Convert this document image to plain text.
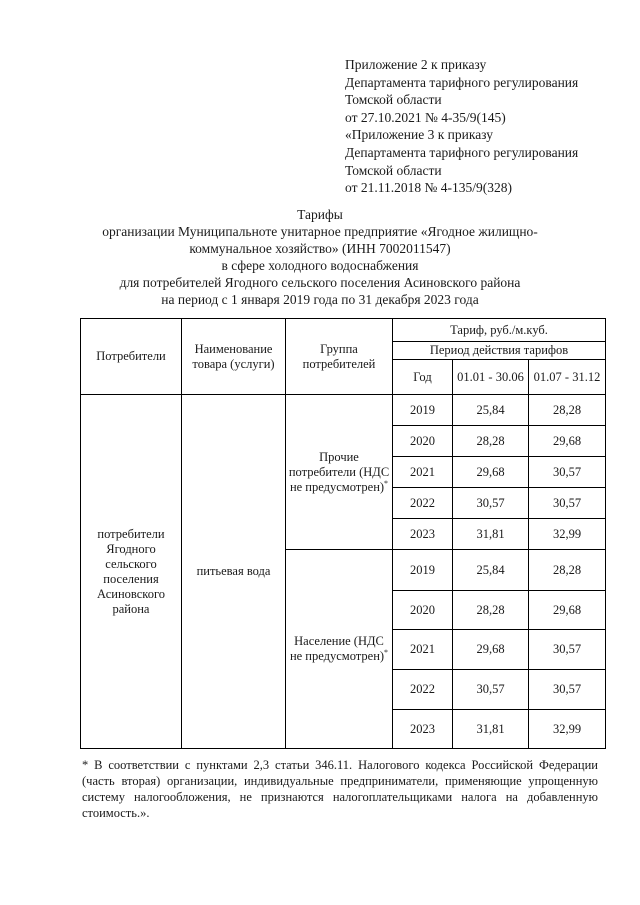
Приложение 2 к приказу
Департамента тарифного регулирования
Томской области
от 27.10.2021 № 4-35/9(145)
«Приложение 3 к приказу
Департамента тарифного регулирования
Томской области
от 21.11.2018 № 4-135/9(328)
Тарифы
организации Муниципальноте унитарное предприятие «Ягодное жилищно-
коммунальное хозяйство» (ИНН 7002011547)
в сфере холодного водоснабжения
для потребителей Ягодного сельского поселения Асиновского района
на период с 1 января 2019 года по 31 декабря 2023 года
Потребители	Наименование товара (услуги)	Группа потребителей	Тариф, руб./м.куб.		
			Период действия тарифов		
			Год	01.01 - 30.06	01.07 - 31.12
потребители Ягодного сельского поселения Асиновского района	питьевая вода	Прочие потребители (НДС не предусмотрен)*	2019	25,84	28,28
			2020	28,28	29,68
			2021	29,68	30,57
			2022	30,57	30,57
			2023	31,81	32,99
		Население (НДС не предусмотрен)*	2019	25,84	28,28
			2020	28,28	29,68
			2021	29,68	30,57
			2022	30,57	30,57
			2023	31,81	32,99
* В соответствии с пунктами 2,3 статьи 346.11. Налогового кодекса Российской Федерации (часть вторая) организации, индивидуальные предприниматели, применяющие упрощенную систему налогообложения, не признаются налогоплательщиками налога на добавленную стоимость.».
